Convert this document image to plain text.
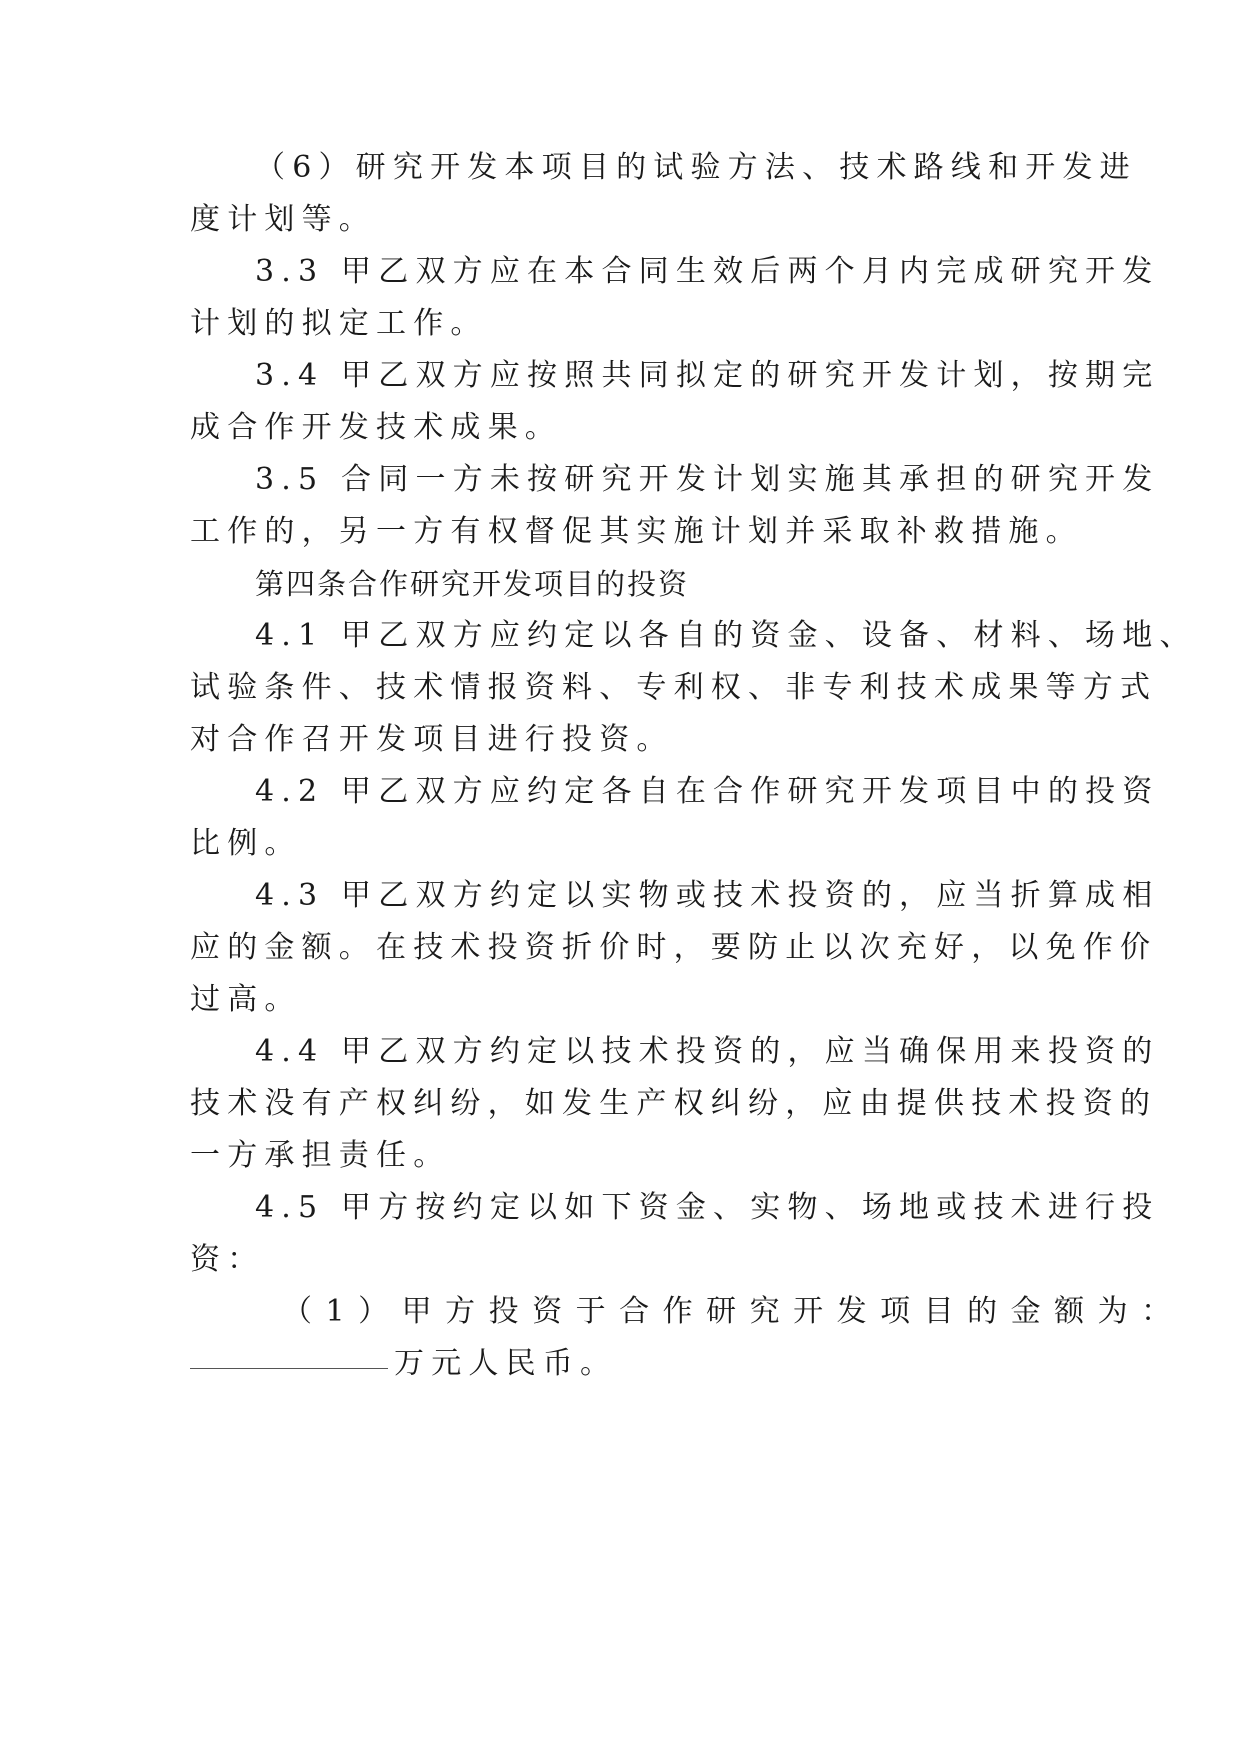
（6）研究开发本项目的试验方法、技术路线和开发进
度计划等。
3.3 甲乙双方应在本合同生效后两个月内完成研究开发
计划的拟定工作。
3.4 甲乙双方应按照共同拟定的研究开发计划，按期完
成合作开发技术成果。
3.5 合同一方未按研究开发计划实施其承担的研究开发
工作的，另一方有权督促其实施计划并采取补救措施。
第四条合作研究开发项目的投资
4.1 甲乙双方应约定以各自的资金、设备、材料、场地、
试验条件、技术情报资料、专利权、非专利技术成果等方式
对合作召开发项目进行投资。
4.2 甲乙双方应约定各自在合作研究开发项目中的投资
比例。
4.3 甲乙双方约定以实物或技术投资的，应当折算成相
应的金额。在技术投资折价时，要防止以次充好，以免作价
过高。
4.4 甲乙双方约定以技术投资的，应当确保用来投资的
技术没有产权纠纷，如发生产权纠纷，应由提供技术投资的
一方承担责任。
4.5 甲方按约定以如下资金、实物、场地或技术进行投
资：
（1）甲方投资于合作研究开发项目的金额为：
万元人民币。
